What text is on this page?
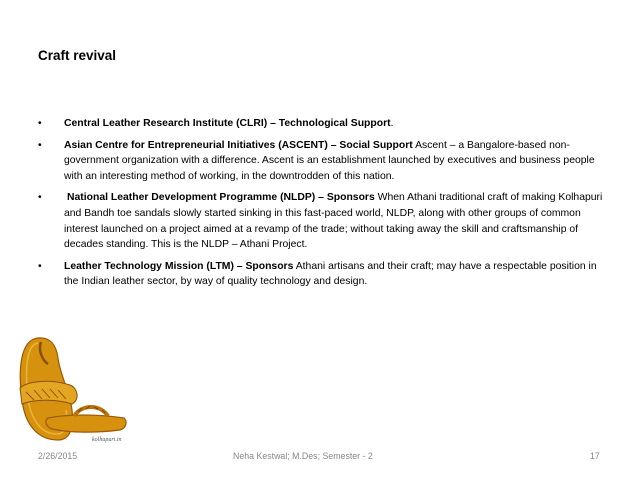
Craft revival
• Central Leather Research Institute (CLRI) – Technological Support.
• Asian Centre for Entrepreneurial Initiatives (ASCENT) – Social Support Ascent – a Bangalore-based non-government organization with a difference. Ascent is an establishment launched by executives and business people with an interesting method of working, in the downtrodden of this nation.
• National Leather Development Programme (NLDP) – Sponsors When Athani traditional craft of making Kolhapuri and Bandh toe sandals slowly started sinking in this fast-paced world, NLDP, along with other groups of common interest launched on a project aimed at a revamp of the trade; without taking away the skill and craftsmanship of decades standing. This is the NLDP – Athani Project.
• Leather Technology Mission (LTM) – Sponsors Athani artisans and their craft; may have a respectable position in the Indian leather sector, by way of quality technology and design.
kolhapuri.in
2/26/2015	Neha Kestwal; M.Des; Semester - 2	17
